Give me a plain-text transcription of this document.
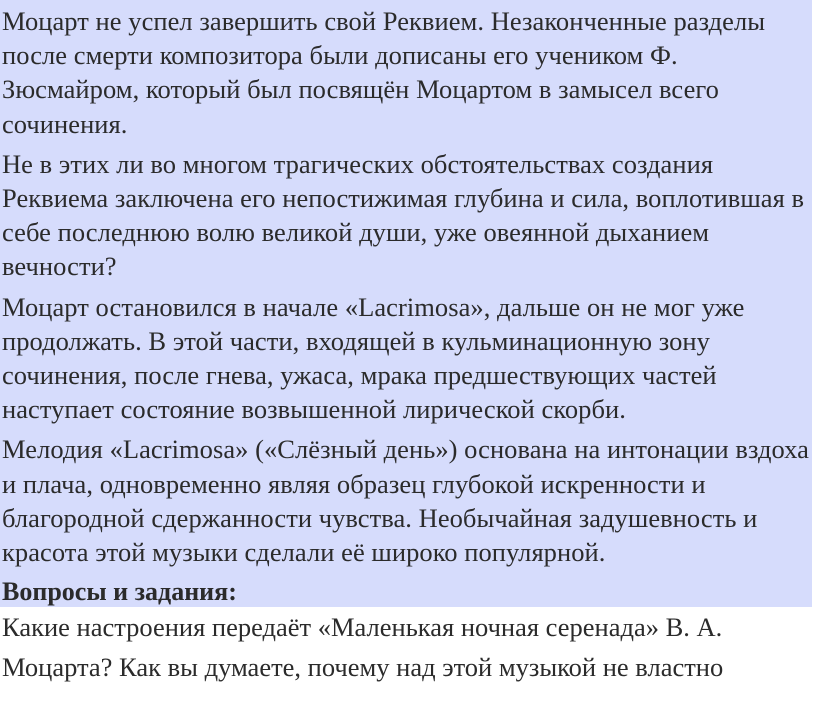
Моцарт не успел завершить свой Реквием. Незаконченные разделы после смерти композитора были дописаны его учеником Ф. Зюсмайром, который был посвящён Моцартом в замысел всего сочинения.

Не в этих ли во многом трагических обстоятельствах создания Реквиема заключена его непостижимая глубина и сила, воплотившая в себе последнюю волю великой души, уже овеянной дыханием вечности?

Моцарт остановился в начале «Lacrimosa», дальше он не мог уже продолжать. В этой части, входящей в кульминационную зону сочинения, после гнева, ужаса, мрака предшествующих частей наступает состояние возвышенной лирической скорби.

Мелодия «Lacrimosa» («Слёзный день») основана на интонации вздоха и плача, одновременно являя образец глубокой искренности и благородной сдержанности чувства. Необычайная задушевность и красота этой музыки сделали её широко популярной.

Вопросы и задания:

Какие настроения передаёт «Маленькая ночная серенада» В. А. Моцарта? Как вы думаете, почему над этой музыкой не властно
